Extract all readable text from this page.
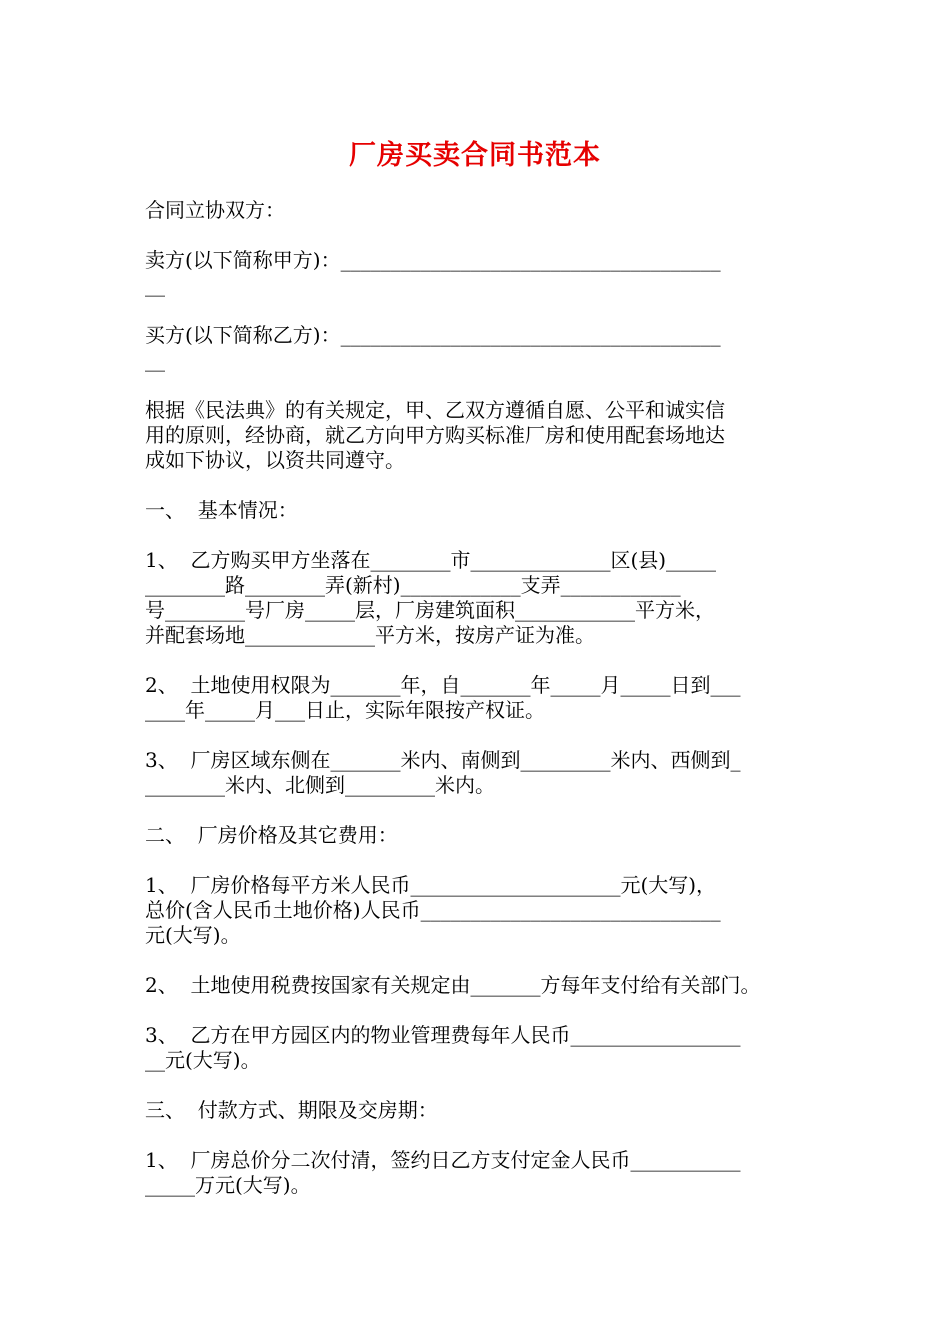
厂房买卖合同书范本

合同立协双方：

卖方(以下简称甲方)：______________________________________
__

买方(以下简称乙方)：______________________________________
__

根据《民法典》的有关规定，甲、乙双方遵循自愿、公平和诚实信
用的原则，经协商，就乙方向甲方购买标准厂房和使用配套场地达
成如下协议，以资共同遵守。

一、  基本情况：

1、  乙方购买甲方坐落在________市______________区(县)_____
________路________弄(新村)____________支弄____________
号________号厂房_____层，厂房建筑面积____________平方米，
并配套场地_____________平方米，按房产证为准。

2、  土地使用权限为_______年，自_______年_____月_____日到___
____年_____月___日止，实际年限按产权证。

3、  厂房区域东侧在_______米内、南侧到_________米内、西侧到_
________米内、北侧到_________米内。

二、  厂房价格及其它费用：

1、  厂房价格每平方米人民币_____________________元(大写)，
总价(含人民币土地价格)人民币______________________________
元(大写)。

2、  土地使用税费按国家有关规定由_______方每年支付给有关部门。

3、  乙方在甲方园区内的物业管理费每年人民币_________________
__元(大写)。

三、  付款方式、期限及交房期：

1、  厂房总价分二次付清，签约日乙方支付定金人民币___________
_____万元(大写)。
